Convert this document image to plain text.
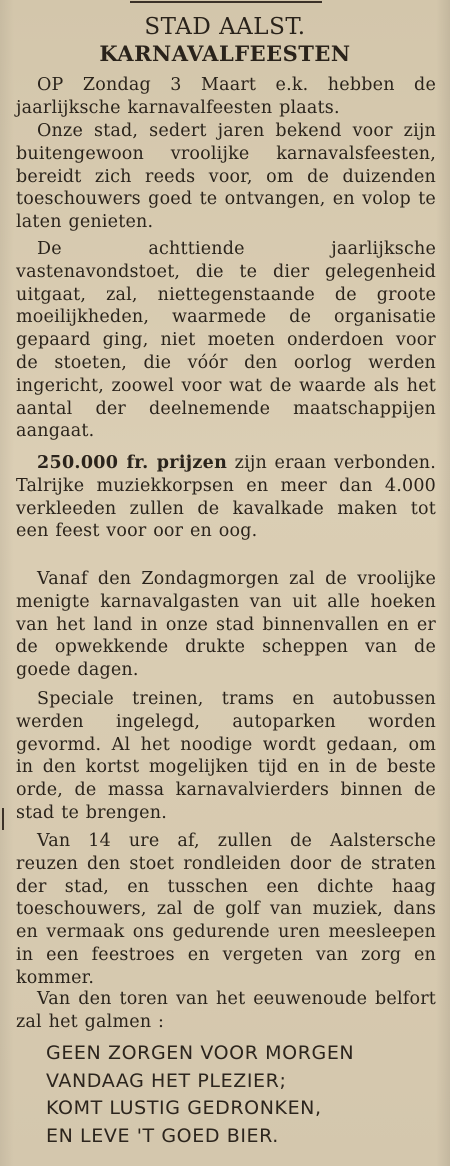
STAD AALST.
KARNAVALFEESTEN

OP Zondag 3 Maart e.k. hebben de jaarlijksche karnavalfeesten plaats.

Onze stad, sedert jaren bekend voor zijn buitengewoon vroolijke karnavalsfeesten, bereidt zich reeds voor, om de duizenden toeschouwers goed te ontvangen, en volop te laten genieten.

De achttiende jaarlijksche vastenavondstoet, die te dier gelegenheid uitgaat, zal, niettegenstaande de groote moeilijkheden, waarmede de organisatie gepaard ging, niet moeten onderdoen voor de stoeten, die vóór den oorlog werden ingericht, zoowel voor wat de waarde als het aantal der deelnemende maatschappijen aangaat.

250.000 fr. prijzen zijn eraan verbonden. Talrijke muziekkorpsen en meer dan 4.000 verkleeden zullen de kavalkade maken tot een feest voor oor en oog.

Vanaf den Zondagmorgen zal de vroolijke menigte karnavalgasten van uit alle hoeken van het land in onze stad binnenvallen en er de opwekkende drukte scheppen van de goede dagen.

Speciale treinen, trams en autobussen werden ingelegd, autoparken worden gevormd. Al het noodige wordt gedaan, om in den kortst mogelijken tijd en in de beste orde, de massa karnavalvierders binnen de stad te brengen.

Van 14 ure af, zullen de Aalstersche reuzen den stoet rondleiden door de straten der stad, en tusschen een dichte haag toeschouwers, zal de golf van muziek, dans en vermaak ons gedurende uren meesleepen in een feestroes en vergeten van zorg en kommer.

Van den toren van het eeuwenoude belfort zal het galmen :

GEEN ZORGEN VOOR MORGEN
VANDAAG HET PLEZIER;
KOMT LUSTIG GEDRONKEN,
EN LEVE 'T GOED BIER.
